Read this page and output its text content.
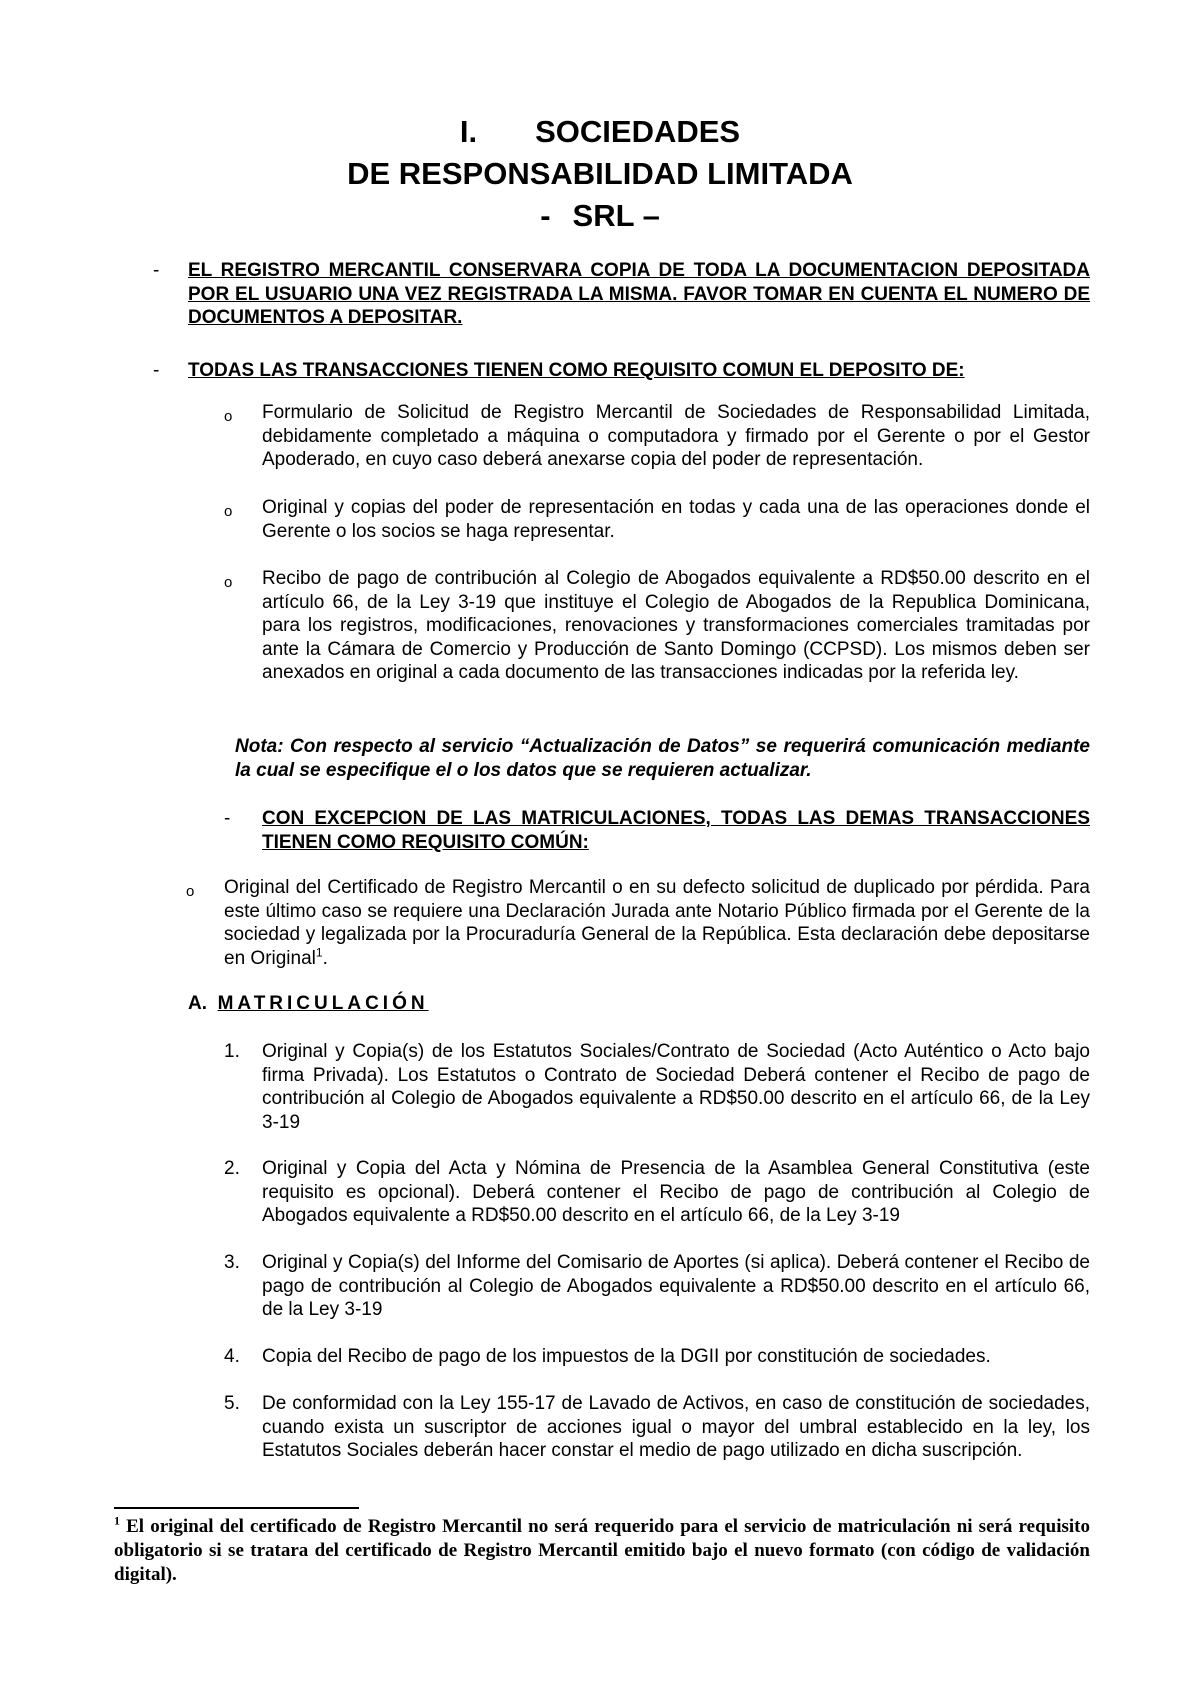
I. SOCIEDADES
DE RESPONSABILIDAD LIMITADA
- SRL –
- EL REGISTRO MERCANTIL CONSERVARA COPIA DE TODA LA DOCUMENTACION DEPOSITADA POR EL USUARIO UNA VEZ REGISTRADA LA MISMA. FAVOR TOMAR EN CUENTA EL NUMERO DE DOCUMENTOS A DEPOSITAR.
- TODAS LAS TRANSACCIONES TIENEN COMO REQUISITO COMUN EL DEPOSITO DE:
o Formulario de Solicitud de Registro Mercantil de Sociedades de Responsabilidad Limitada, debidamente completado a máquina o computadora y firmado por el Gerente o por el Gestor Apoderado, en cuyo caso deberá anexarse copia del poder de representación.
o Original y copias del poder de representación en todas y cada una de las operaciones donde el Gerente o los socios se haga representar.
o Recibo de pago de contribución al Colegio de Abogados equivalente a RD$50.00 descrito en el artículo 66, de la Ley 3-19 que instituye el Colegio de Abogados de la Republica Dominicana, para los registros, modificaciones, renovaciones y transformaciones comerciales tramitadas por ante la Cámara de Comercio y Producción de Santo Domingo (CCPSD). Los mismos deben ser anexados en original a cada documento de las transacciones indicadas por la referida ley.
Nota: Con respecto al servicio “Actualización de Datos” se requerirá comunicación mediante la cual se especifique el o los datos que se requieren actualizar.
- CON EXCEPCION DE LAS MATRICULACIONES, TODAS LAS DEMAS TRANSACCIONES TIENEN COMO REQUISITO COMÚN:
o Original del Certificado de Registro Mercantil o en su defecto solicitud de duplicado por pérdida. Para este último caso se requiere una Declaración Jurada ante Notario Público firmada por el Gerente de la sociedad y legalizada por la Procuraduría General de la República. Esta declaración debe depositarse en Original$^1$.
A. MATRICULACIÓN
1. Original y Copia(s) de los Estatutos Sociales/Contrato de Sociedad (Acto Auténtico o Acto bajo firma Privada). Los Estatutos o Contrato de Sociedad Deberá contener el Recibo de pago de contribución al Colegio de Abogados equivalente a RD$50.00 descrito en el artículo 66, de la Ley 3-19
2. Original y Copia del Acta y Nómina de Presencia de la Asamblea General Constitutiva (este requisito es opcional). Deberá contener el Recibo de pago de contribución al Colegio de Abogados equivalente a RD$50.00 descrito en el artículo 66, de la Ley 3-19
3. Original y Copia(s) del Informe del Comisario de Aportes (si aplica). Deberá contener el Recibo de pago de contribución al Colegio de Abogados equivalente a RD$50.00 descrito en el artículo 66, de la Ley 3-19
4. Copia del Recibo de pago de los impuestos de la DGII por constitución de sociedades.
5. De conformidad con la Ley 155-17 de Lavado de Activos, en caso de constitución de sociedades, cuando exista un suscriptor de acciones igual o mayor del umbral establecido en la ley, los Estatutos Sociales deberán hacer constar el medio de pago utilizado en dicha suscripción.
$^1$ El original del certificado de Registro Mercantil no será requerido para el servicio de matriculación ni será requisito obligatorio si se tratara del certificado de Registro Mercantil emitido bajo el nuevo formato (con código de validación digital).
